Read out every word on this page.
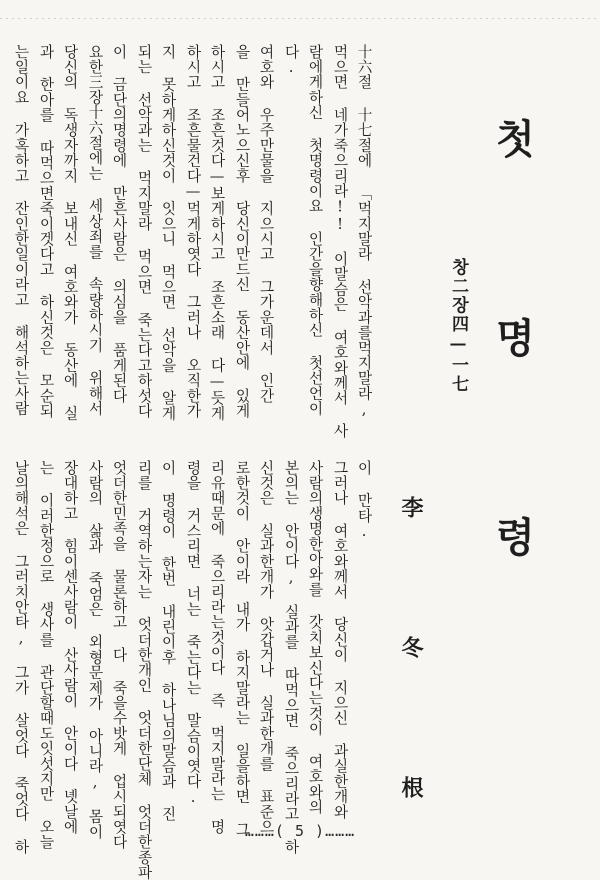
十六절 十七절에 「먹지말라 선악과를먹지말라,
먹으면 네가죽으리라!! 이말슴은 여호와께서 사
람에게하신 첫명령이요 인간을향해하신 첫선언이
다.
여호와 우주만물을 지으시고 그가운데서 인간
을 만들어노으신후 당신이만드신 동산안에 있게
하시고 조흔것다—보게하시고 조흔소래 다—듯게
하시고 조흔물건다—먹게하엿다 그러나 오직한가
지 못하게하신것이 잇으니 먹으면 선악을 알게
되는 선악과는 먹지말라 먹으면 죽는다고하섯다
이 금단의명령에 만흔사람은 의심을 품게된다
요한三장十六절에는 세상죄를 속량하시기 위해서
당신의 독생자까지 보내신 여호와가 동산에 실
과 한아를 따먹으면죽이겟다고 하신것은 모순되
는일이요 가혹하고 잔인한일이라고 해석하는사람	첫 명 령
창二장四—一七
李 冬 根
이 만타.
그러나 여호와께서 당신이 지으신 과실한개와
사람의생명한아와를 갓치보신다는것이 여호와의
본의는 안이다, 실과를 따먹으면 죽으리라고 하
신것은 실과한개가 앗갑거나 실과한개를 표준으
로한것이 안이라 내가 하지말라는 일을하면 그
리유때문에 죽으리라는것이다 즉 먹지말라는 명
령을 거스리면 너는 죽는다는 말슴이엿다.
이 명령이 한번 내린이후 하나님의말슴과 진
리를 거역하는자는 엇더한개인 엇더한단체 엇더한종파
엇더한민족을 물론하고 다 죽을수밧게 업시되엿다
사람의 삶과 죽엄은 외형문제가 아니라, 몸이
장대하고 힘이센사람이 산사람이 안이다 녯날에
는 이러한정으로 생사를 관단할때도잇섯지만 오늘
날의해석은 그러치안타, 그가 살엇다 죽엇다 하	………( 5 )………
